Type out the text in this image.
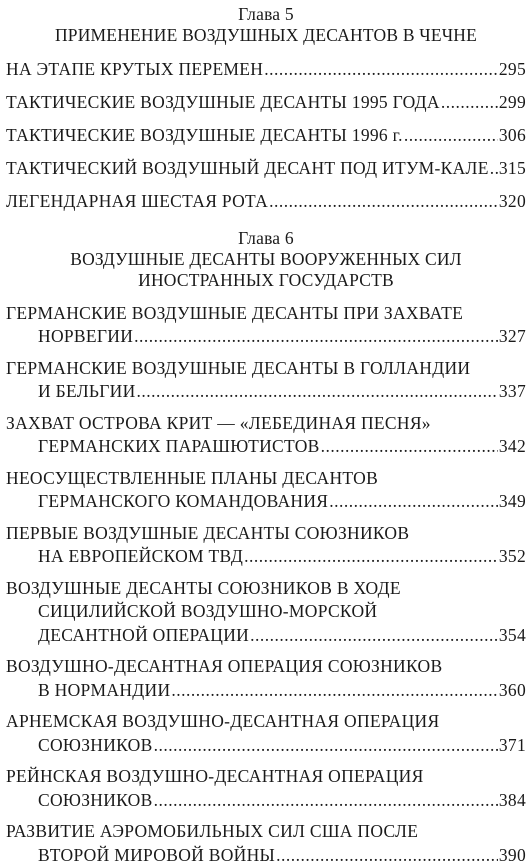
Глава 5
ПРИМЕНЕНИЕ ВОЗДУШНЫХ ДЕСАНТОВ В ЧЕЧНЕ
НА ЭТАПЕ КРУТЫХ ПЕРЕМЕН .....	295
ТАКТИЧЕСКИЕ ВОЗДУШНЫЕ ДЕСАНТЫ 1995 ГОДА .....	299
ТАКТИЧЕСКИЕ ВОЗДУШНЫЕ ДЕСАНТЫ 1996 г. .....	306
ТАКТИЧЕСКИЙ ВОЗДУШНЫЙ ДЕСАНТ ПОД ИТУМ-КАЛЕ ..... 315
ЛЕГЕНДАРНАЯ ШЕСТАЯ РОТА .....	320
Глава 6
ВОЗДУШНЫЕ ДЕСАНТЫ ВООРУЖЕННЫХ СИЛ
ИНОСТРАННЫХ ГОСУДАРСТВ
ГЕРМАНСКИЕ ВОЗДУШНЫЕ ДЕСАНТЫ ПРИ ЗАХВАТЕ
НОРВЕГИИ .....	327
ГЕРМАНСКИЕ ВОЗДУШНЫЕ ДЕСАНТЫ В ГОЛЛАНДИИ
И БЕЛЬГИИ .....	337
ЗАХВАТ ОСТРОВА КРИТ — «ЛЕБЕДИНАЯ ПЕСНЯ»
ГЕРМАНСКИХ ПАРАШЮТИСТОВ .....	342
НЕОСУЩЕСТВЛЕННЫЕ ПЛАНЫ ДЕСАНТОВ
ГЕРМАНСКОГО КОМАНДОВАНИЯ .....	349
ПЕРВЫЕ ВОЗДУШНЫЕ ДЕСАНТЫ СОЮЗНИКОВ
НА ЕВРОПЕЙСКОМ ТВД .....	352
ВОЗДУШНЫЕ ДЕСАНТЫ СОЮЗНИКОВ В ХОДЕ
СИЦИЛИЙСКОЙ ВОЗДУШНО-МОРСКОЙ
ДЕСАНТНОЙ ОПЕРАЦИИ .....	354
ВОЗДУШНО-ДЕСАНТНАЯ ОПЕРАЦИЯ СОЮЗНИКОВ
В НОРМАНДИИ .....	360
АРНЕМСКАЯ ВОЗДУШНО-ДЕСАНТНАЯ ОПЕРАЦИЯ
СОЮЗНИКОВ .....	371
РЕЙНСКАЯ ВОЗДУШНО-ДЕСАНТНАЯ ОПЕРАЦИЯ
СОЮЗНИКОВ .....	384
РАЗВИТИЕ АЭРОМОБИЛЬНЫХ СИЛ США ПОСЛЕ
ВТОРОЙ МИРОВОЙ ВОЙНЫ .....	390
